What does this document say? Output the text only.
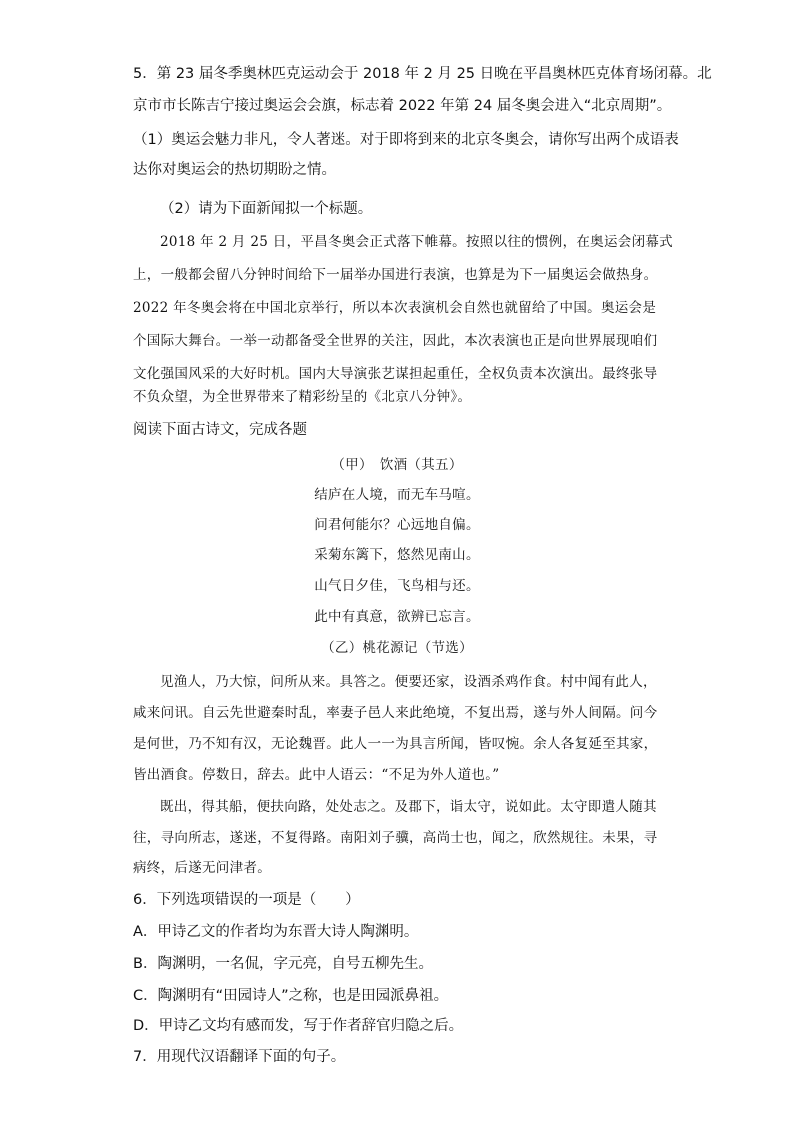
5．第 23 届冬季奥林匹克运动会于 2018 年 2 月 25 日晚在平昌奥林匹克体育场闭幕。北
京市市长陈吉宁接过奥运会会旗，标志着 2022 年第 24 届冬奥会进入“北京周期”。
（1）奥运会魅力非凡，令人著迷。对于即将到来的北京冬奥会，请你写出两个成语表
达你对奥运会的热切期盼之情。
（2）请为下面新闻拟一个标题。
2018 年 2 月 25 日，平昌冬奥会正式落下帷幕。按照以往的惯例，在奥运会闭幕式
上，一般都会留八分钟时间给下一届举办国进行表演，也算是为下一届奥运会做热身。
2022 年冬奥会将在中国北京举行，所以本次表演机会自然也就留给了中国。奥运会是
个国际大舞台。一举一动都备受全世界的关注，因此，本次表演也正是向世界展现咱们
文化强国风采的大好时机。国内大导演张艺谋担起重任，全权负责本次演出。最终张导
不负众望，为全世界带来了精彩纷呈的《北京八分钟》。
阅读下面古诗文，完成各题
（甲）　饮酒（其五）
结庐在人境，而无车马喧。
问君何能尔？心远地自偏。
采菊东篱下，悠然见南山。
山气日夕佳，飞鸟相与还。
此中有真意，欲辨已忘言。
（乙）桃花源记（节选）
见渔人，乃大惊，问所从来。具答之。便要还家，设酒杀鸡作食。村中闻有此人，
咸来问讯。自云先世避秦时乱，率妻子邑人来此绝境，不复出焉，遂与外人间隔。问今
是何世，乃不知有汉，无论魏晋。此人一一为具言所闻，皆叹惋。余人各复延至其家，
皆出酒食。停数日，辞去。此中人语云：“不足为外人道也。”
既出，得其船，便扶向路，处处志之。及郡下，诣太守，说如此。太守即遣人随其
往，寻向所志，遂迷，不复得路。南阳刘子骥，高尚士也，闻之，欣然规往。未果，寻
病终，后遂无问津者。
6．下列选项错误的一项是（　　）
A．甲诗乙文的作者均为东晋大诗人陶渊明。
B．陶渊明，一名侃，字元亮，自号五柳先生。
C．陶渊明有“田园诗人”之称，也是田园派鼻祖。
D．甲诗乙文均有感而发，写于作者辞官归隐之后。
7．用现代汉语翻译下面的句子。
